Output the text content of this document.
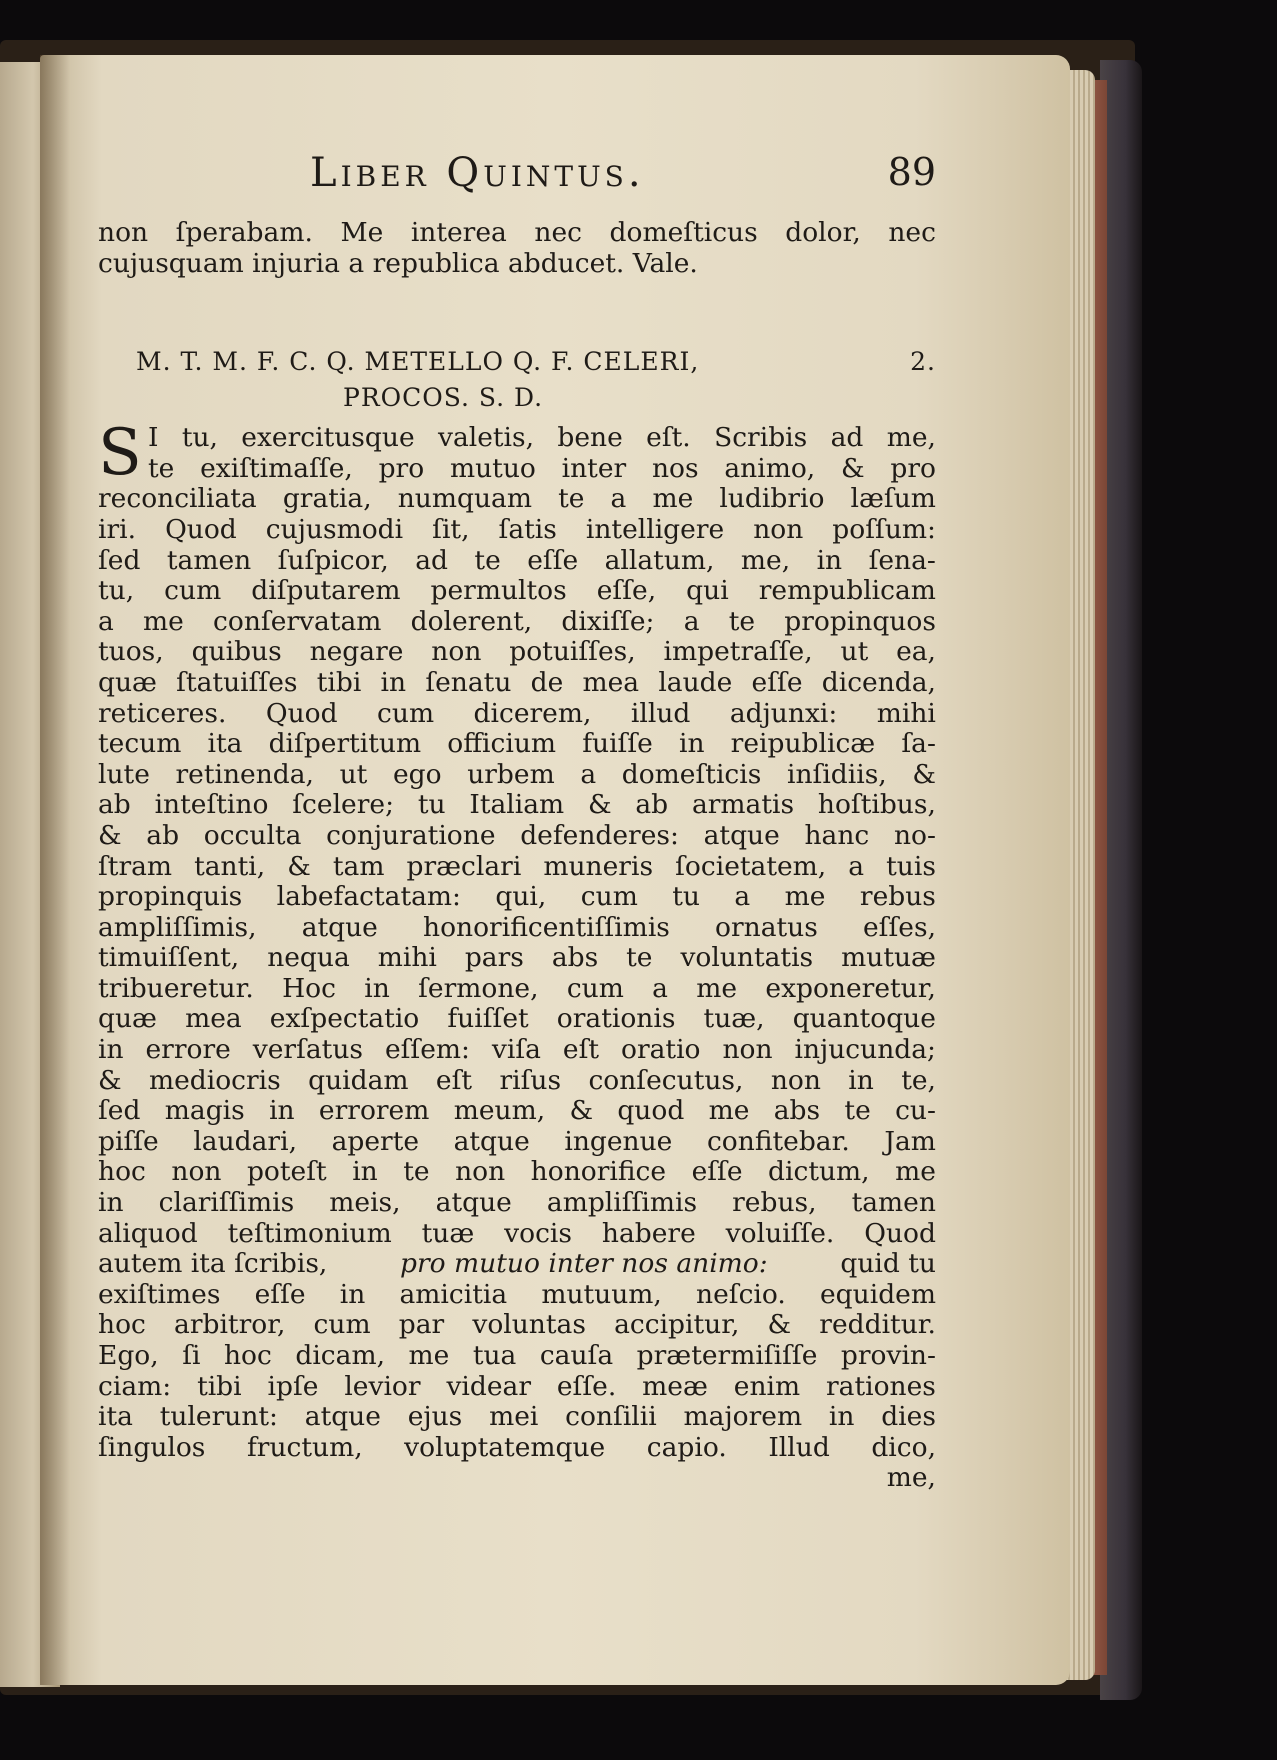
Liber Quintus.	89
non ſperabam. Me interea nec domeſticus dolor, nec
cujusquam injuria a republica abducet. Vale.
M. T. M. F. C. Q. METELLO Q. F. CELERI,	2.
PROCOS. S. D.
S I tu, exercitusque valetis, bene eſt. Scribis ad me,
te exiſtimaſſe, pro mutuo inter nos animo, & pro
reconciliata gratia, numquam te a me ludibrio læſum
iri. Quod cujusmodi ſit, ſatis intelligere non poſſum:
ſed tamen ſuſpicor, ad te eſſe allatum, me, in ſena-
tu, cum diſputarem permultos eſſe, qui rempublicam
a me conſervatam dolerent, dixiſſe; a te propinquos
tuos, quibus negare non potuiſſes, impetraſſe, ut ea,
quæ ſtatuiſſes tibi in ſenatu de mea laude eſſe dicenda,
reticeres. Quod cum dicerem, illud adjunxi: mihi
tecum ita diſpertitum officium fuiſſe in reipublicæ ſa-
lute retinenda, ut ego urbem a domeſticis inſidiis, &
ab inteſtino ſcelere; tu Italiam & ab armatis hoſtibus,
& ab occulta conjuratione defenderes: atque hanc no-
ſtram tanti, & tam præclari muneris ſocietatem, a tuis
propinquis labefactatam: qui, cum tu a me rebus
ampliſſimis, atque honorificentiſſimis ornatus eſſes,
timuiſſent, nequa mihi pars abs te voluntatis mutuæ
tribueretur. Hoc in ſermone, cum a me exponeretur,
quæ mea exſpectatio fuiſſet orationis tuæ, quantoque
in errore verſatus eſſem: viſa eſt oratio non injucunda;
& mediocris quidam eſt riſus conſecutus, non in te,
ſed magis in errorem meum, & quod me abs te cu-
piſſe laudari, aperte atque ingenue confitebar. Jam
hoc non poteſt in te non honorifice eſſe dictum, me
in clariſſimis meis, atque ampliſſimis rebus, tamen
aliquod teſtimonium tuæ vocis habere voluiſſe. Quod
autem ita ſcribis,	pro mutuo inter nos animo:	quid tu
exiſtimes eſſe in amicitia mutuum, neſcio. equidem
hoc arbitror, cum par voluntas accipitur, & redditur.
Ego, ſi hoc dicam, me tua cauſa prætermiſiſſe provin-
ciam: tibi ipſe levior videar eſſe. meæ enim rationes
ita tulerunt: atque ejus mei conſilii majorem in dies
ſingulos fructum, voluptatemque capio. Illud dico,
me,
